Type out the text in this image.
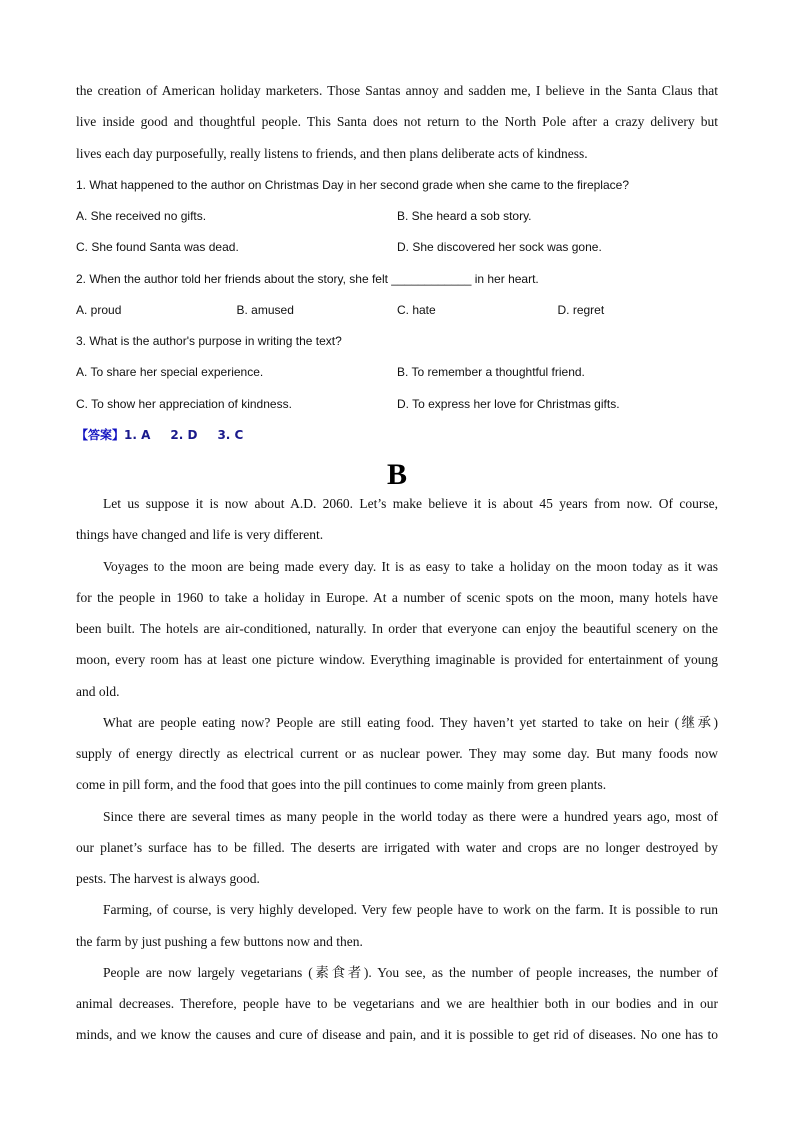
the creation of American holiday marketers. Those Santas annoy and sadden me, I believe in the Santa Claus that
live inside good and thoughtful people. This Santa does not return to the North Pole after a crazy delivery but
lives each day purposefully, really listens to friends, and then plans deliberate acts of kindness.
1. What happened to the author on Christmas Day in her second grade when she came to the fireplace?
A. She received no gifts.	B. She heard a sob story.
C. She found Santa was dead.	D. She discovered her sock was gone.
2. When the author told her friends about the story, she felt ____________ in her heart.
A. proud	B. amused	C. hate	D. regret
3. What is the author's purpose in writing the text?
A. To share her special experience.	B. To remember a thoughtful friend.
C. To show her appreciation of kindness.	D. To express her love for Christmas gifts.
【答案】1. A 2. D 3. C
B
Let us suppose it is now about A.D. 2060. Let’s make believe it is about 45 years from now. Of course,
things have changed and life is very different.
Voyages to the moon are being made every day. It is as easy to take a holiday on the moon today as it was
for the people in 1960 to take a holiday in Europe. At a number of scenic spots on the moon, many hotels have
been built. The hotels are air-conditioned, naturally. In order that everyone can enjoy the beautiful scenery on the
moon, every room has at least one picture window. Everything imaginable is provided for entertainment of young
and old.
What are people eating now? People are still eating food. They haven’t yet started to take on heir (继承)
supply of energy directly as electrical current or as nuclear power. They may some day. But many foods now
come in pill form, and the food that goes into the pill continues to come mainly from green plants.
Since there are several times as many people in the world today as there were a hundred years ago, most of
our planet’s surface has to be filled. The deserts are irrigated with water and crops are no longer destroyed by
pests. The harvest is always good.
Farming, of course, is very highly developed. Very few people have to work on the farm. It is possible to run
the farm by just pushing a few buttons now and then.
People are now largely vegetarians (素食者). You see, as the number of people increases, the number of
animal decreases. Therefore, people have to be vegetarians and we are healthier both in our bodies and in our
minds, and we know the causes and cure of disease and pain, and it is possible to get rid of diseases. No one has to
